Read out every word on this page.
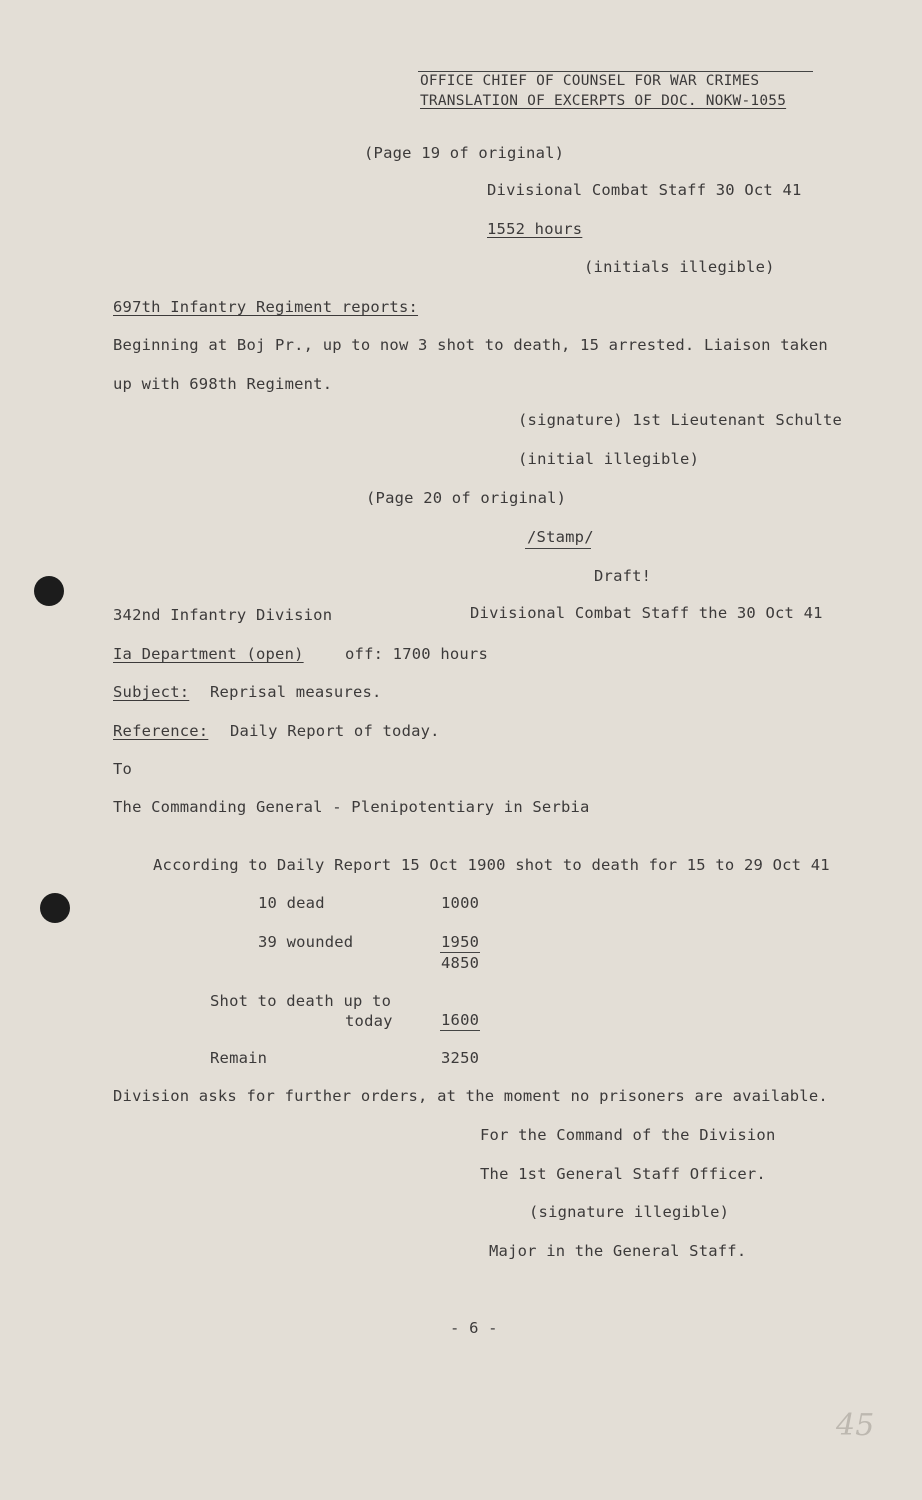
OFFICE CHIEF OF COUNSEL FOR WAR CRIMES
TRANSLATION OF EXCERPTS OF DOC. NOKW-1055
(Page 19 of original)
Divisional Combat Staff 30 Oct 41
1552 hours
(initials illegible)
697th Infantry Regiment reports:
Beginning at Boj Pr., up to now 3 shot to death, 15 arrested. Liaison taken
up with 698th Regiment.
(signature) 1st Lieutenant Schulte
(initial illegible)
(Page 20 of original)
/Stamp/
Draft!
342nd Infantry Division	Divisional Combat Staff the 30 Oct 41
Ia Department (open)	off: 1700 hours
Subject: Reprisal measures.
Reference: Daily Report of today.
To
The Commanding General - Plenipotentiary in Serbia
According to Daily Report 15 Oct 1900 shot to death for 15 to 29 Oct 41
10 dead	1000
39 wounded	1950
4850
Shot to death up to
today	1600
Remain	3250
Division asks for further orders, at the moment no prisoners are available.
For the Command of the Division
The 1st General Staff Officer.
(signature illegible)
Major in the General Staff.
- 6 -
45
